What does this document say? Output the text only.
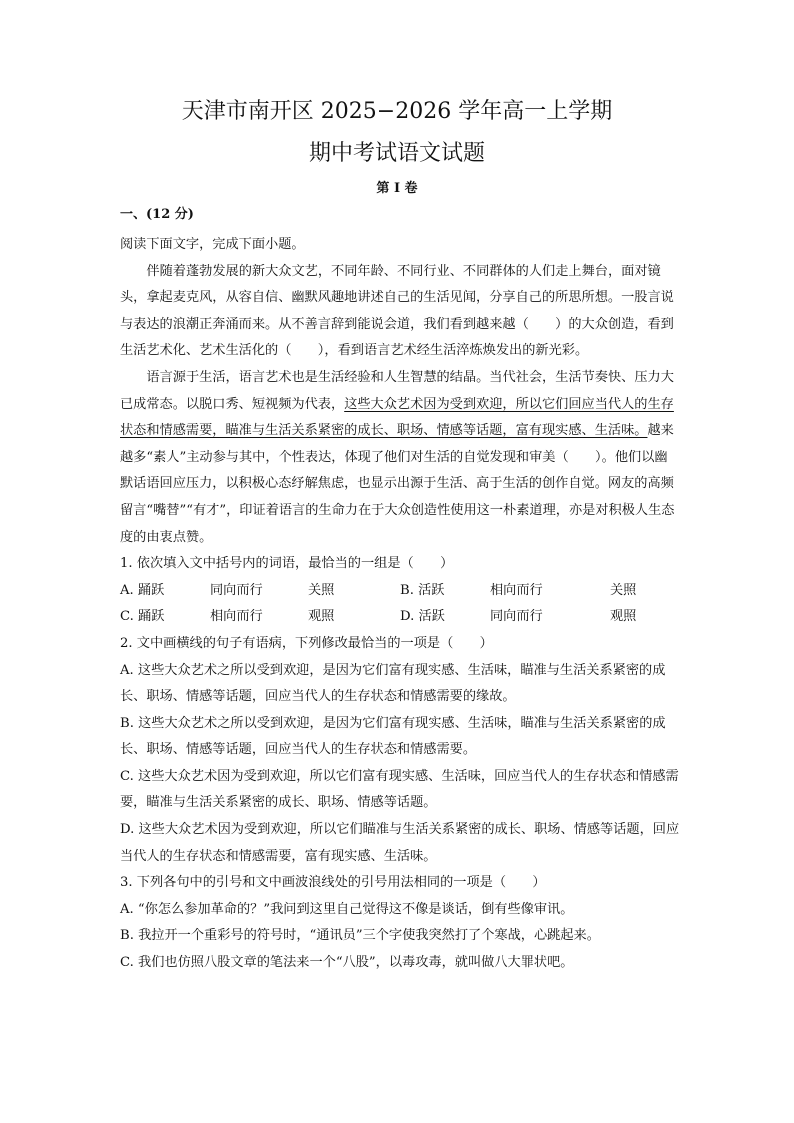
天津市南开区 2025−2026 学年高一上学期
期中考试语文试题
第 I 卷
一、(12 分)

阅读下面文字，完成下面小题。

伴随着蓬勃发展的新大众文艺，不同年龄、不同行业、不同群体的人们走上舞台，面对镜头，拿起麦克风，从容自信、幽默风趣地讲述自己的生活见闻，分享自己的所思所想。一股言说与表达的浪潮正奔涌而来。从不善言辞到能说会道，我们看到越来越（　　）的大众创造，看到生活艺术化、艺术生活化的（　　），看到语言艺术经生活淬炼焕发出的新光彩。

语言源于生活，语言艺术也是生活经验和人生智慧的结晶。当代社会，生活节奏快、压力大已成常态。以脱口秀、短视频为代表，这些大众艺术因为受到欢迎，所以它们回应当代人的生存状态和情感需要，瞄准与生活关系紧密的成长、职场、情感等话题，富有现实感、生活味。越来越多“素人”主动参与其中，个性表达，体现了他们对生活的自觉发现和审美（　　）。他们以幽默话语回应压力，以积极心态纾解焦虑，也显示出源于生活、高于生活的创作自觉。网友的高频留言“嘴替”“有才”，印证着语言的生命力在于大众创造性使用这一朴素道理，亦是对积极人生态度的由衷点赞。

1. 依次填入文中括号内的词语，最恰当的一组是（　　）

A. 踊跃	同向而行	关照	B. 活跃	相向而行	关照
C. 踊跃	相向而行	观照	D. 活跃	同向而行	观照

2. 文中画横线的句子有语病，下列修改最恰当的一项是（　　）

A. 这些大众艺术之所以受到欢迎，是因为它们富有现实感、生活味，瞄准与生活关系紧密的成长、职场、情感等话题，回应当代人的生存状态和情感需要的缘故。

B. 这些大众艺术之所以受到欢迎，是因为它们富有现实感、生活味，瞄准与生活关系紧密的成长、职场、情感等话题，回应当代人的生存状态和情感需要。

C. 这些大众艺术因为受到欢迎，所以它们富有现实感、生活味，回应当代人的生存状态和情感需要，瞄准与生活关系紧密的成长、职场、情感等话题。

D. 这些大众艺术因为受到欢迎，所以它们瞄准与生活关系紧密的成长、职场、情感等话题，回应当代人的生存状态和情感需要，富有现实感、生活味。

3. 下列各句中的引号和文中画波浪线处的引号用法相同的一项是（　　）

A. “你怎么参加革命的？”我问到这里自己觉得这不像是谈话，倒有些像审讯。

B. 我拉开一个重彩号的符号时，“通讯员”三个字使我突然打了个寒战，心跳起来。

C. 我们也仿照八股文章的笔法来一个“八股”，以毒攻毒，就叫做八大罪状吧。
